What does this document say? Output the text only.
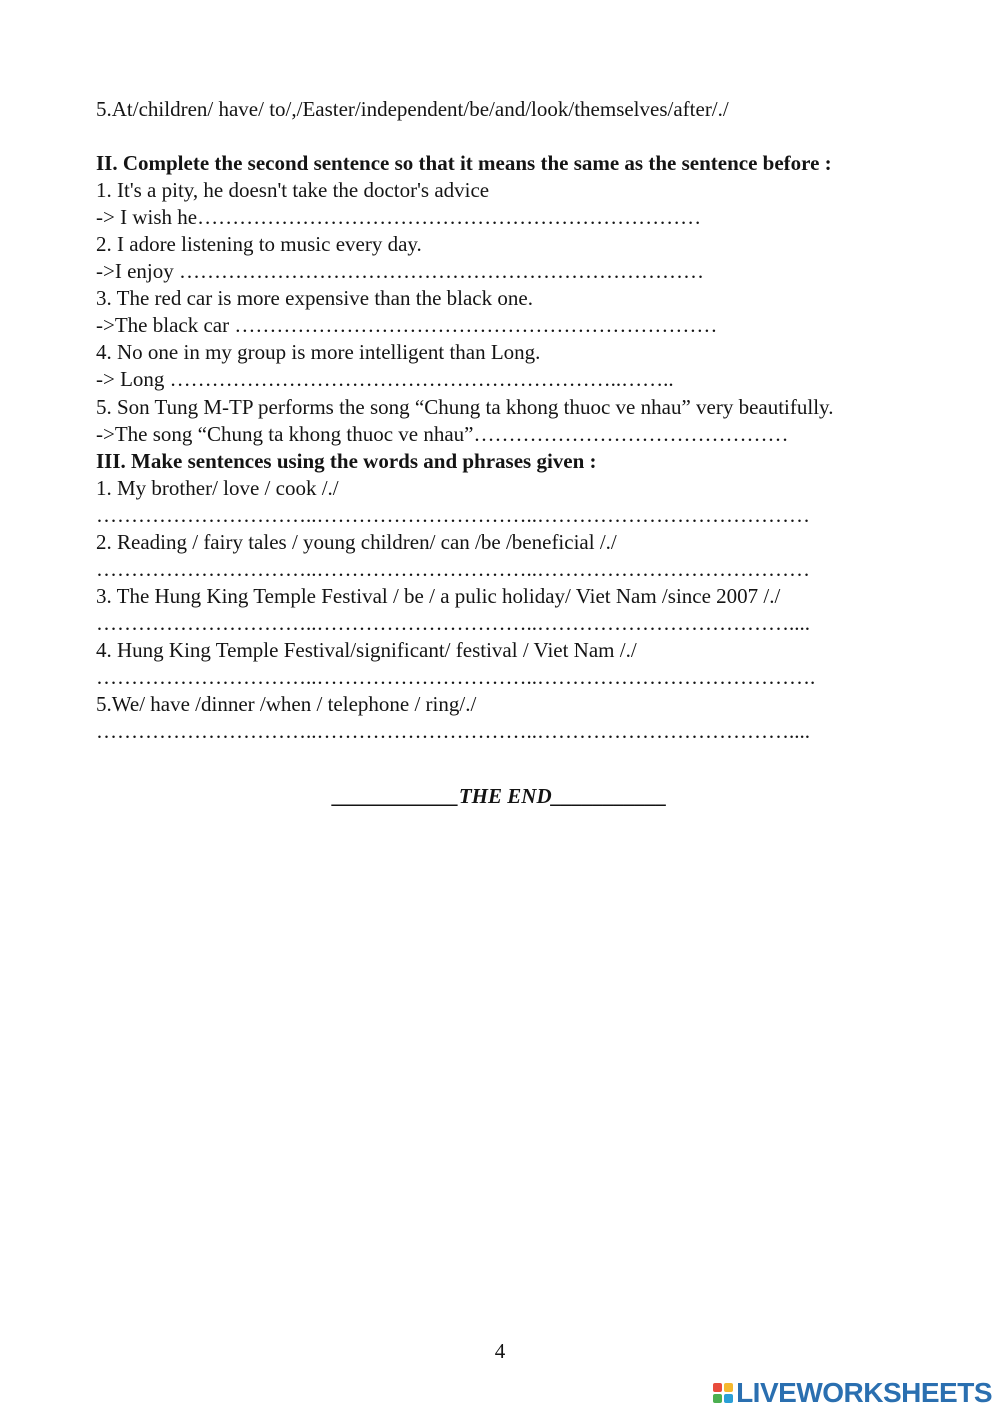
5.At/children/ have/ to/,/Easter/independent/be/and/look/themselves/after/./

II. Complete the second sentence so that it means the same as the sentence before :

1. It's a pity, he doesn't take the doctor's advice

-> I wish he………………………………………………………………

2. I adore listening to music every day.

->I enjoy …………………………………………………………………

3. The red car is more expensive than the black one.

->The black car ……………………………………………………………

4. No one in my group is more intelligent than Long.

-> Long ………………………………………………………..……..

5. Son Tung M-TP performs the song “Chung ta khong thuoc ve nhau” very beautifully.

->The song “Chung ta khong thuoc ve nhau”………………………………………

III. Make sentences using the words and phrases given :

1. My brother/ love / cook /./

…………………………..…………………………..…………………………………

2. Reading / fairy tales / young children/ can /be /beneficial /./

…………………………..…………………………..…………………………………

3. The Hung King Temple Festival / be / a pulic holiday/ Viet Nam /since 2007 /./

…………………………..…………………………..………………………………....

4. Hung King Temple Festival/significant/ festival / Viet Nam /./

…………………………..…………………………..………………………………….

5.We/ have /dinner /when / telephone / ring/./

…………………………..…………………………..………………………………....

____________THE END___________
4
LIVEWORKSHEETS
